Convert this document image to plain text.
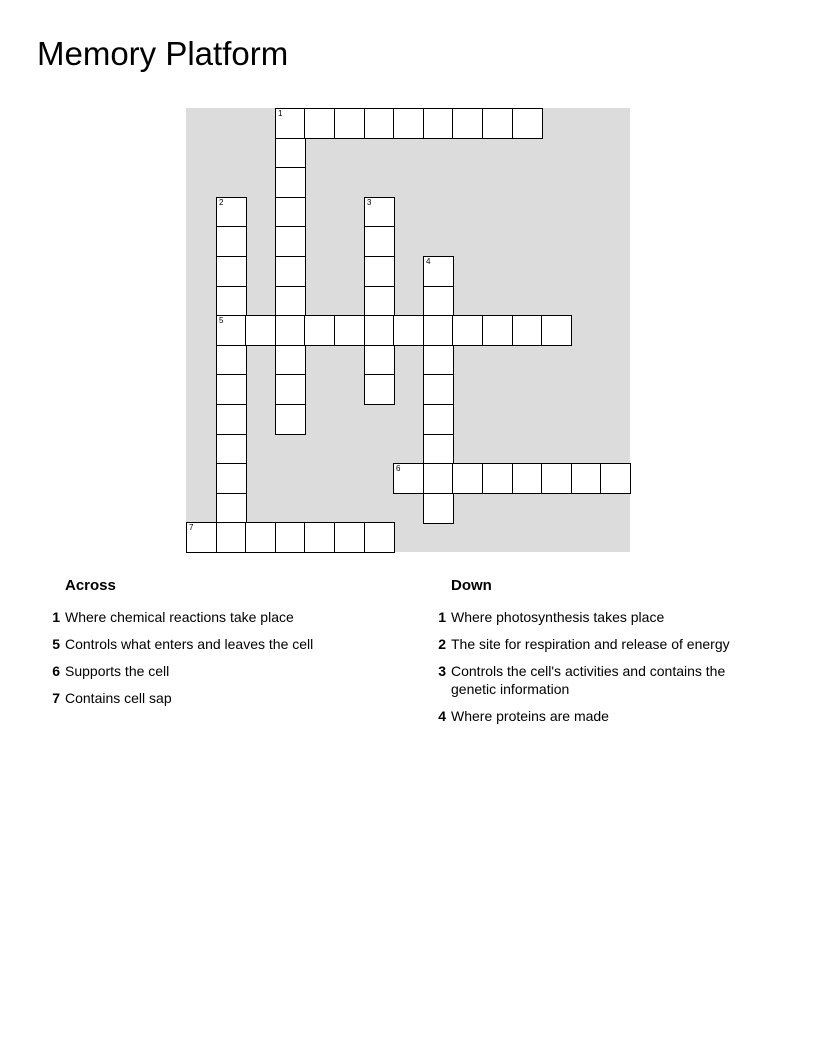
Memory Platform
1
2	3
4
5
6
7
Across
1 Where chemical reactions take place
5 Controls what enters and leaves the cell
6 Supports the cell
7 Contains cell sap
Down
1 Where photosynthesis takes place
2 The site for respiration and release of energy
3 Controls the cell's activities and contains the genetic information
4 Where proteins are made
